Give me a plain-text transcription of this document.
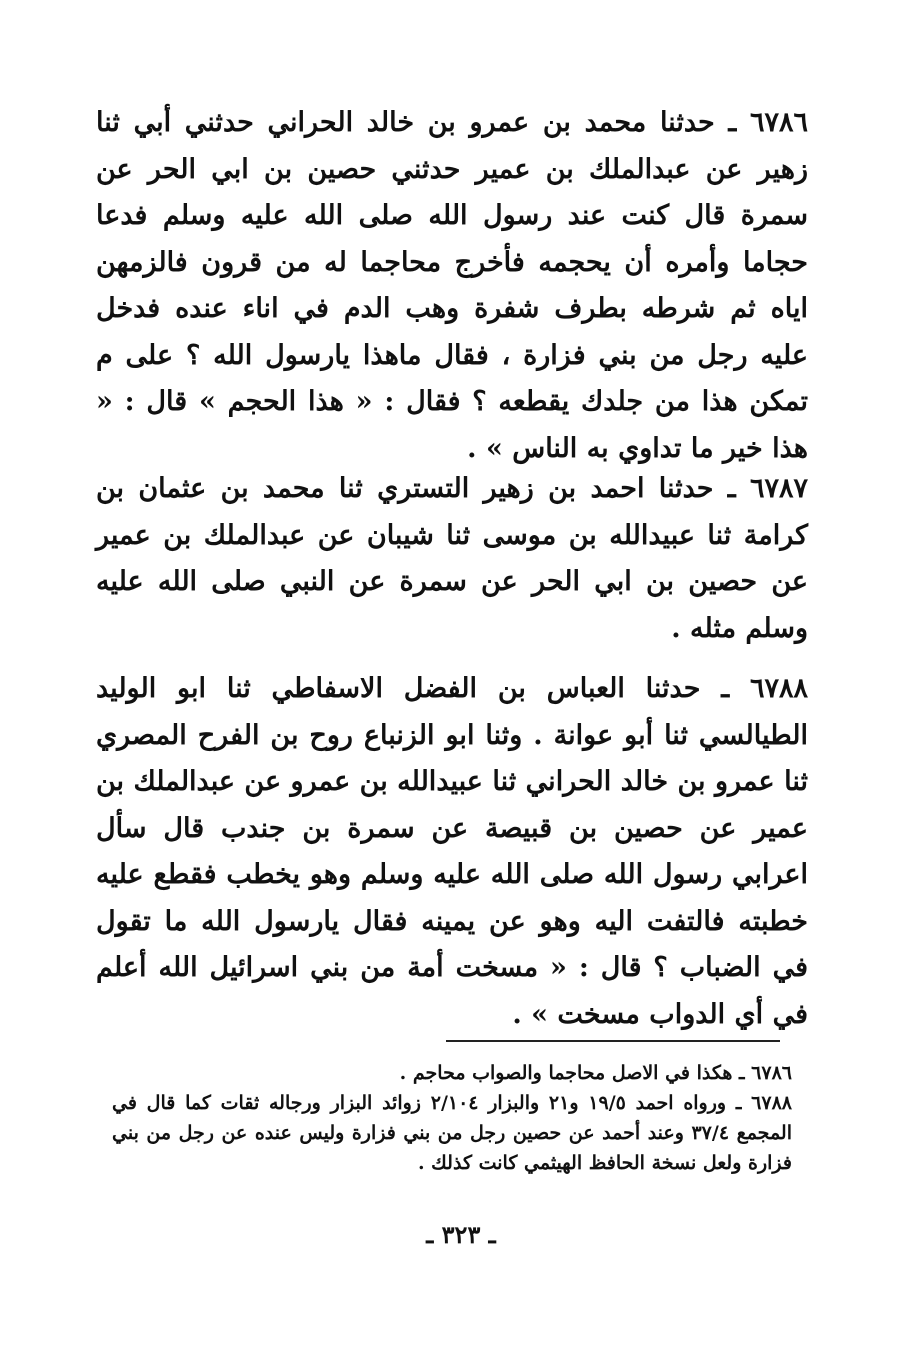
٦٧٨٦ ـ حدثنا محمد بن عمرو بن خالد الحراني حدثني أبي ثنا زهير عن عبدالملك بن عمير حدثني حصين بن ابي الحر عن سمرة قال كنت عند رسول الله صلى الله عليه وسلم فدعا حجاما وأمره أن يحجمه فأخرج محاجما له من قرون فالزمهن اياه ثم شرطه بطرف شفرة وهب الدم في اناء عنده فدخل عليه رجل من بني فزارة ، فقال ماهذا يارسول الله ؟ على م تمكن هذا من جلدك يقطعه ؟ فقال : « هذا الحجم » قال : « هذا خير ما تداوي به الناس » .

٦٧٨٧ ـ حدثنا احمد بن زهير التستري ثنا محمد بن عثمان بن كرامة ثنا عبيدالله بن موسى ثنا شيبان عن عبدالملك بن عمير عن حصين بن ابي الحر عن سمرة عن النبي صلى الله عليه وسلم مثله .

٦٧٨٨ ـ حدثنا العباس بن الفضل الاسفاطي ثنا ابو الوليد الطيالسي ثنا أبو عوانة . وثنا ابو الزنباع روح بن الفرح المصري ثنا عمرو بن خالد الحراني ثنا عبيدالله بن عمرو عن عبدالملك بن عمير عن حصين بن قبيصة عن سمرة بن جندب قال سأل اعرابي رسول الله صلى الله عليه وسلم وهو يخطب فقطع عليه خطبته فالتفت اليه وهو عن يمينه فقال يارسول الله ما تقول في الضباب ؟ قال : « مسخت أمة من بني اسرائيل الله أعلم في أي الدواب مسخت » .

٦٧٨٦ ـ هكذا في الاصل محاجما والصواب محاجم .

٦٧٨٨ ـ ورواه احمد ١٩/٥ و٢١ والبزار ٢/١٠٤ زوائد البزار ورجاله ثقات كما قال في المجمع ٣٧/٤ وعند أحمد عن حصين رجل من بني فزارة وليس عنده عن رجل من بني فزارة ولعل نسخة الحافظ الهيثمي كانت كذلك .

ـ ٣٢٣ ـ
